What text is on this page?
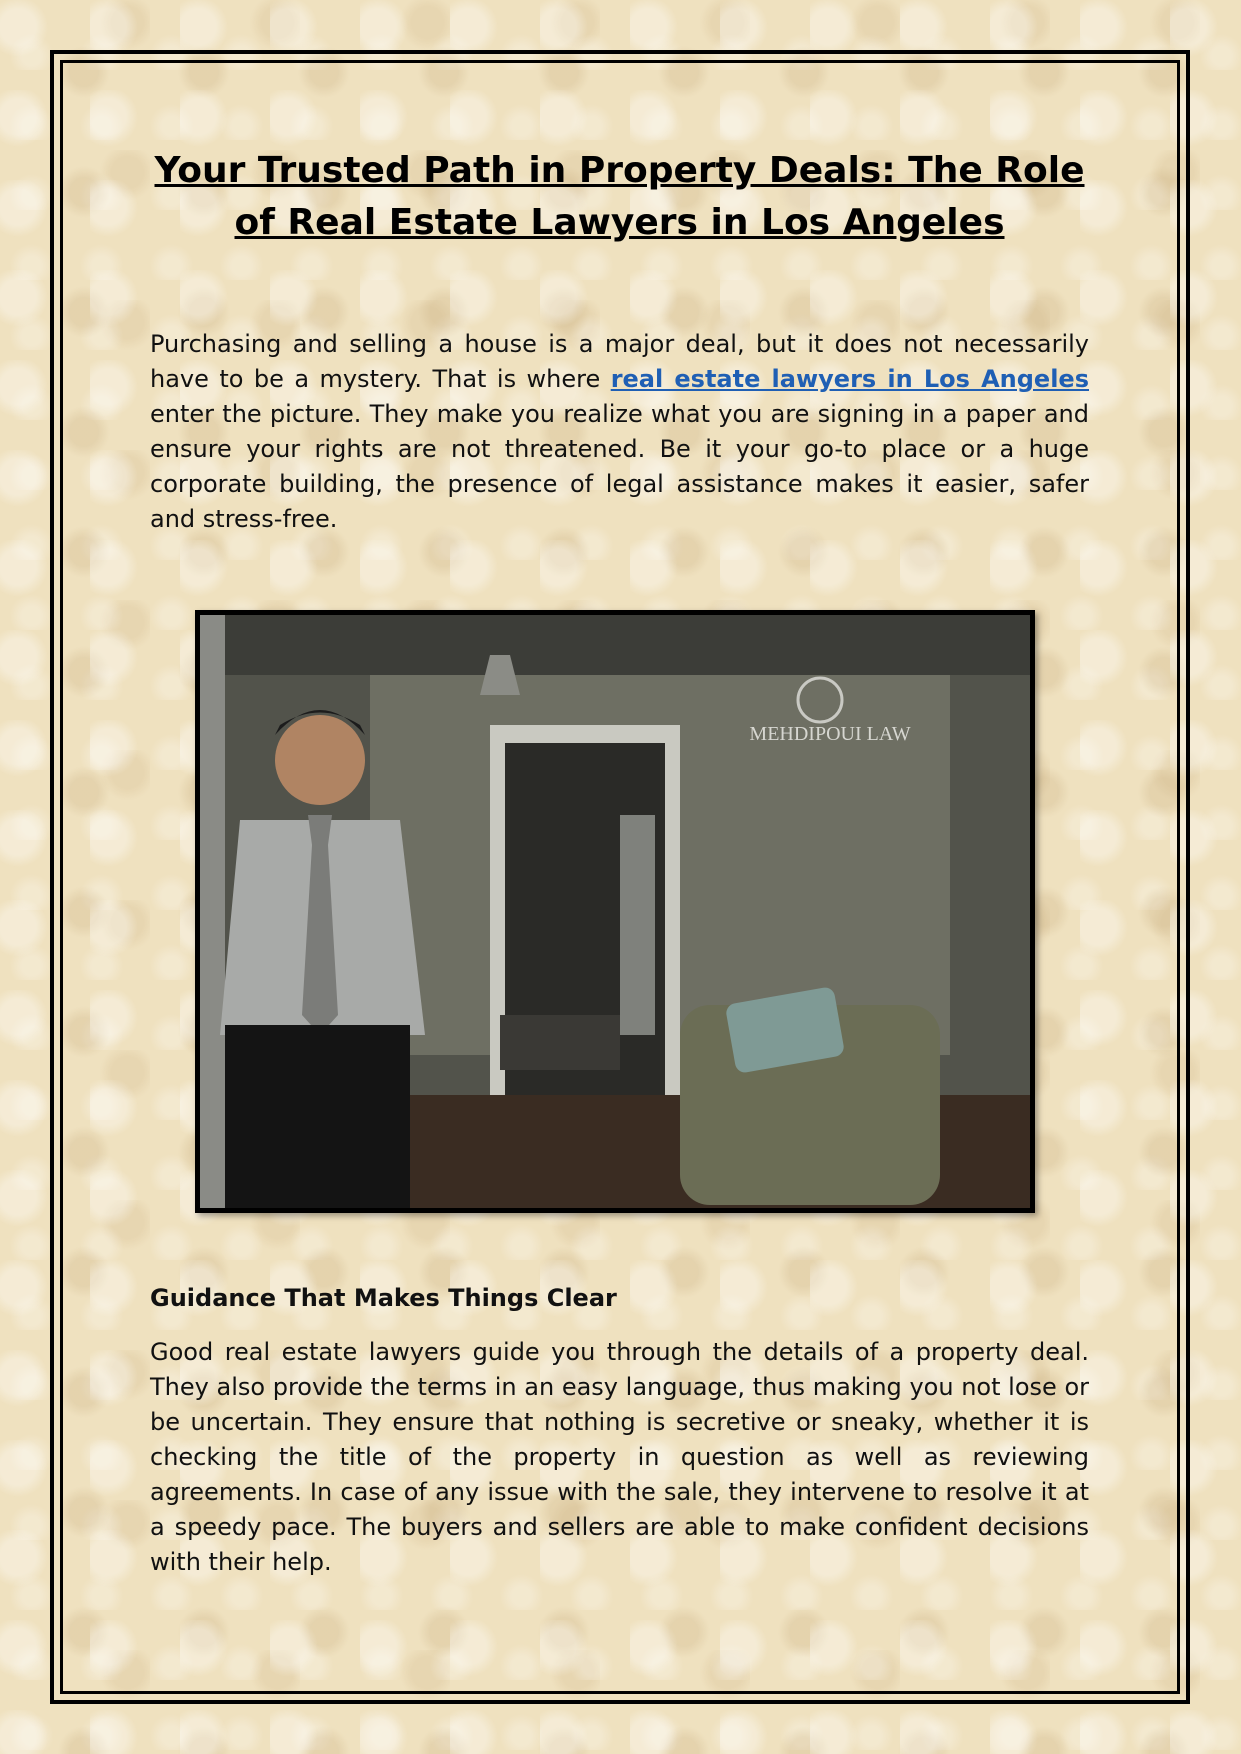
Your Trusted Path in Property Deals: The Role of Real Estate Lawyers in Los Angeles

Purchasing and selling a house is a major deal, but it does not necessarily have to be a mystery. That is where real estate lawyers in Los Angeles enter the picture. They make you realize what you are signing in a paper and ensure your rights are not threatened. Be it your go-to place or a huge corporate building, the presence of legal assistance makes it easier, safer and stress-free.

MEHDIPOUI LAW
Guidance That Makes Things Clear

Good real estate lawyers guide you through the details of a property deal. They also provide the terms in an easy language, thus making you not lose or be uncertain. They ensure that nothing is secretive or sneaky, whether it is checking the title of the property in question as well as reviewing agreements. In case of any issue with the sale, they intervene to resolve it at a speedy pace. The buyers and sellers are able to make confident decisions with their help.
